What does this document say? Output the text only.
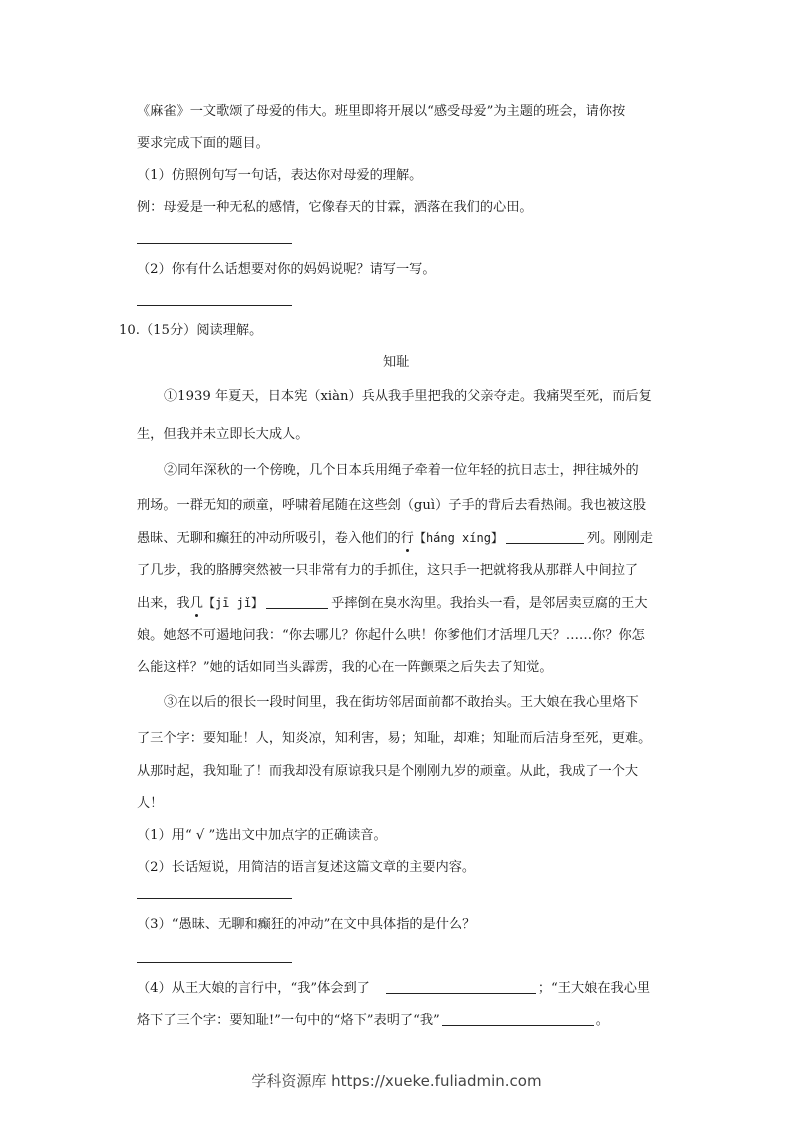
《麻雀》一文歌颂了母爱的伟大。班里即将开展以“感受母爱”为主题的班会，请你按
要求完成下面的题目。
（1）仿照例句写一句话，表达你对母爱的理解。
例：母爱是一种无私的感情，它像春天的甘霖，洒落在我们的心田。
（2）你有什么话想要对你的妈妈说呢？请写一写。
10.（15分）阅读理解。
知耻
①1939 年夏天，日本宪（xiàn）兵从我手里把我的父亲夺走。我痛哭至死，而后复
生，但我并未立即长大成人。
②同年深秋的一个傍晚，几个日本兵用绳子牵着一位年轻的抗日志士，押往城外的
刑场。一群无知的顽童，呼啸着尾随在这些刽（guì）子手的背后去看热闹。我也被这股
愚昧、无聊和癫狂的冲动所吸引，卷入他们的行【háng xíng】	列。刚刚走
了几步，我的胳膊突然被一只非常有力的手抓住，这只手一把就将我从那群人中间拉了
出来，我几【jī jǐ】	乎摔倒在臭水沟里。我抬头一看，是邻居卖豆腐的王大
娘。她怒不可遏地问我：“你去哪儿？你起什么哄！你爹他们才活埋几天？……你？你怎
么能这样？”她的话如同当头霹雳，我的心在一阵颤栗之后失去了知觉。
③在以后的很长一段时间里，我在街坊邻居面前都不敢抬头。王大娘在我心里烙下
了三个字：要知耻！人，知炎凉，知利害，易；知耻，却难；知耻而后洁身至死，更难。
从那时起，我知耻了！而我却没有原谅我只是个刚刚九岁的顽童。从此，我成了一个大
人！
（1）用“ √ ”选出文中加点字的正确读音。
（2）长话短说，用简洁的语言复述这篇文章的主要内容。
（3）“愚昧、无聊和癫狂的冲动”在文中具体指的是什么？
（4）从王大娘的言行中，“我”体会到了	；“王大娘在我心里
烙下了三个字：要知耻!”一句中的“烙下”表明了“我”	。
学科资源库 https://xueke.fuliadmin.com
